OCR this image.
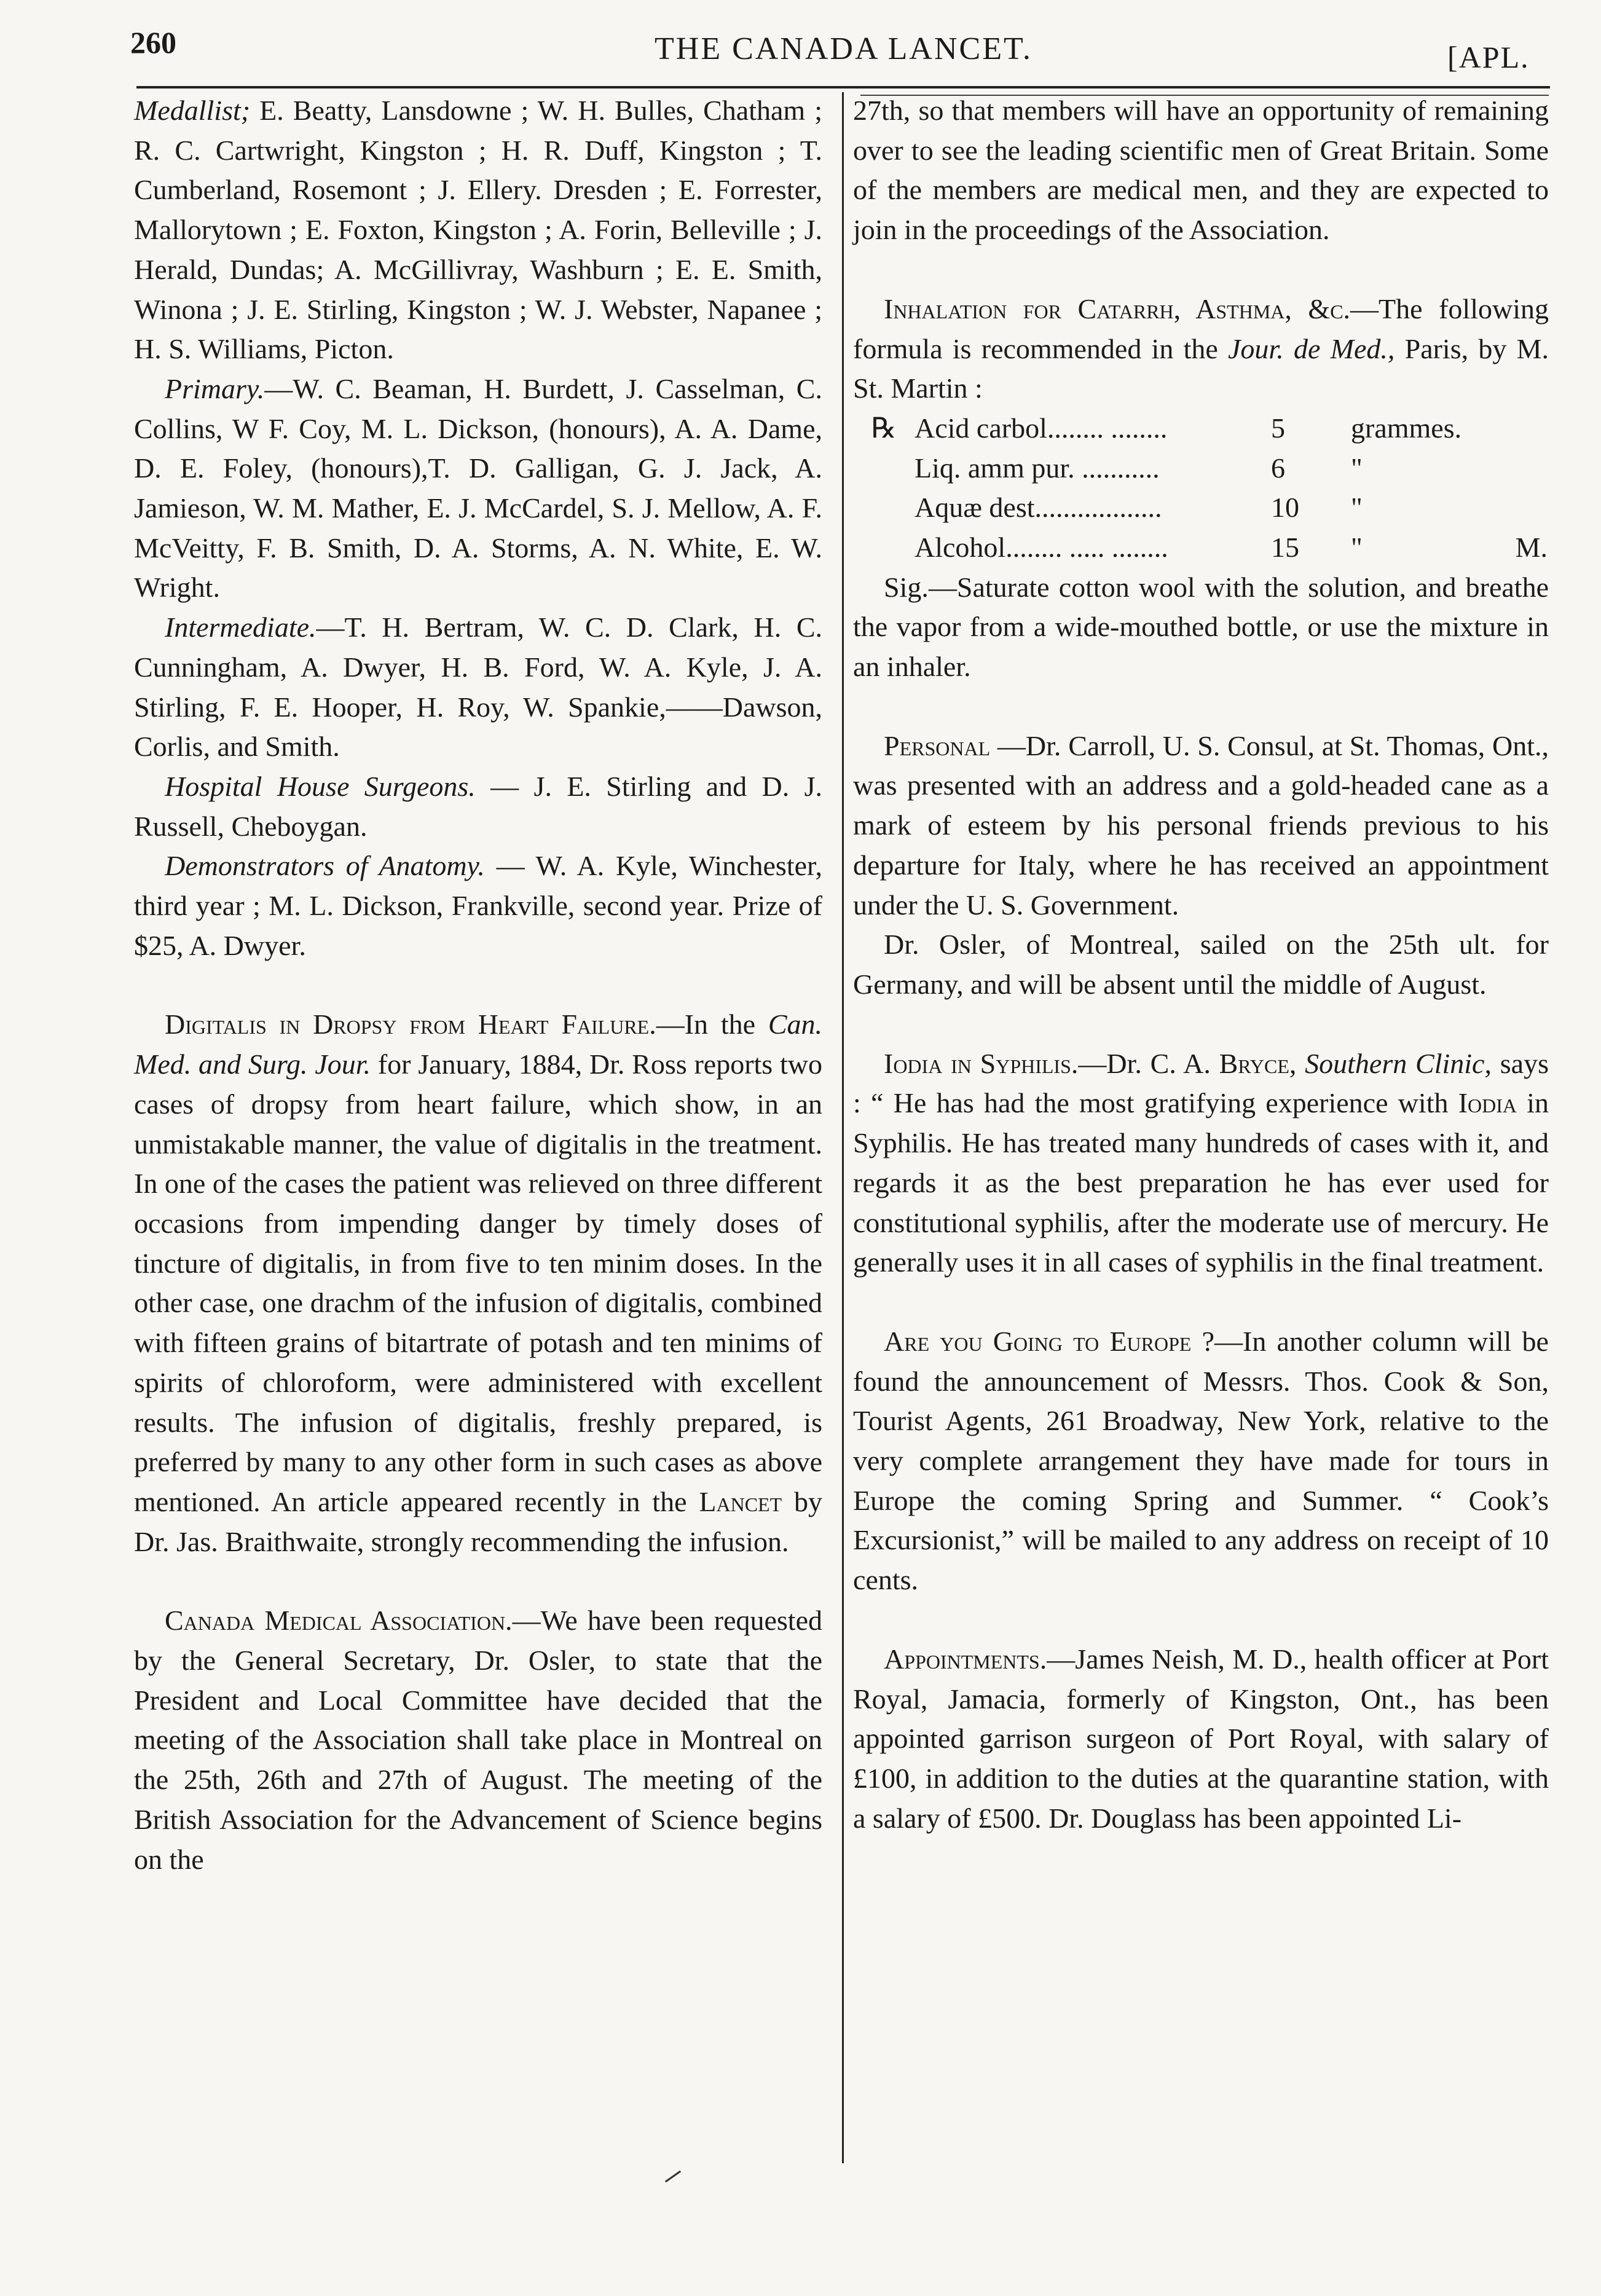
260	THE CANADA LANCET.	[APL.

Medallist; E. Beatty, Lansdowne ; W. H. Bulles, Chatham ; R. C. Cartwright, Kingston ; H. R. Duff, Kingston ; T. Cumberland, Rosemont ; J. Ellery. Dresden ; E. Forrester, Mallorytown ; E. Foxton, Kingston ; A. Forin, Belleville ; J. Herald, Dundas; A. McGillivray, Washburn ; E. E. Smith, Winona ; J. E. Stirling, Kingston ; W. J. Webster, Napanee ; H. S. Williams, Picton.

Primary.—W. C. Beaman, H. Burdett, J. Casselman, C. Collins, W F. Coy, M. L. Dickson, (honours), A. A. Dame, D. E. Foley, (honours),T. D. Galligan, G. J. Jack, A. Jamieson, W. M. Mather, E. J. McCardel, S. J. Mellow, A. F. McVeitty, F. B. Smith, D. A. Storms, A. N. White, E. W. Wright.

Intermediate.—T. H. Bertram, W. C. D. Clark, H. C. Cunningham, A. Dwyer, H. B. Ford, W. A. Kyle, J. A. Stirling, F. E. Hooper, H. Roy, W. Spankie,——Dawson, Corlis, and Smith.

Hospital House Surgeons. — J. E. Stirling and D. J. Russell, Cheboygan.

Demonstrators of Anatomy. — W. A. Kyle, Winchester, third year ; M. L. Dickson, Frankville, second year. Prize of $25, A. Dwyer.

Digitalis in Dropsy from Heart Failure.—In the Can. Med. and Surg. Jour. for January, 1884, Dr. Ross reports two cases of dropsy from heart failure, which show, in an unmistakable manner, the value of digitalis in the treatment. In one of the cases the patient was relieved on three different occasions from impending danger by timely doses of tincture of digitalis, in from five to ten minim doses. In the other case, one drachm of the infusion of digitalis, combined with fifteen grains of bitartrate of potash and ten minims of spirits of chloroform, were administered with excellent results. The infusion of digitalis, freshly prepared, is preferred by many to any other form in such cases as above mentioned. An article appeared recently in the Lancet by Dr. Jas. Braithwaite, strongly recommending the infusion.

Canada Medical Association.—We have been requested by the General Secretary, Dr. Osler, to state that the President and Local Committee have decided that the meeting of the Association shall take place in Montreal on the 25th, 26th and 27th of August. The meeting of the British Association for the Advancement of Science begins on the

27th, so that members will have an opportunity of remaining over to see the leading scientific men of Great Britain. Some of the members are medical men, and they are expected to join in the proceedings of the Association.

Inhalation for Catarrh, Asthma, &c.—The following formula is recommended in the Jour. de Med., Paris, by M. St. Martin :

℞ Acid carbol........ ........	5	grammes.
Liq. amm pur. ...........	6	"
Aquæ dest..................	10	"
Alcohol........ ..... ........	15	"	M.

Sig.—Saturate cotton wool with the solution, and breathe the vapor from a wide-mouthed bottle, or use the mixture in an inhaler.

Personal —Dr. Carroll, U. S. Consul, at St. Thomas, Ont., was presented with an address and a gold-headed cane as a mark of esteem by his personal friends previous to his departure for Italy, where he has received an appointment under the U. S. Government.

Dr. Osler, of Montreal, sailed on the 25th ult. for Germany, and will be absent until the middle of August.

Iodia in Syphilis.—Dr. C. A. Bryce, Southern Clinic, says : “ He has had the most gratifying experience with Iodia in Syphilis. He has treated many hundreds of cases with it, and regards it as the best preparation he has ever used for constitutional syphilis, after the moderate use of mercury. He generally uses it in all cases of syphilis in the final treatment.

Are you Going to Europe ?—In another column will be found the announcement of Messrs. Thos. Cook & Son, Tourist Agents, 261 Broadway, New York, relative to the very complete arrangement they have made for tours in Europe the coming Spring and Summer. “ Cook’s Excursionist,” will be mailed to any address on receipt of 10 cents.

Appointments.—James Neish, M. D., health officer at Port Royal, Jamacia, formerly of Kingston, Ont., has been appointed garrison surgeon of Port Royal, with salary of £100, in addition to the duties at the quarantine station, with a salary of £500. Dr. Douglass has been appointed Li-
